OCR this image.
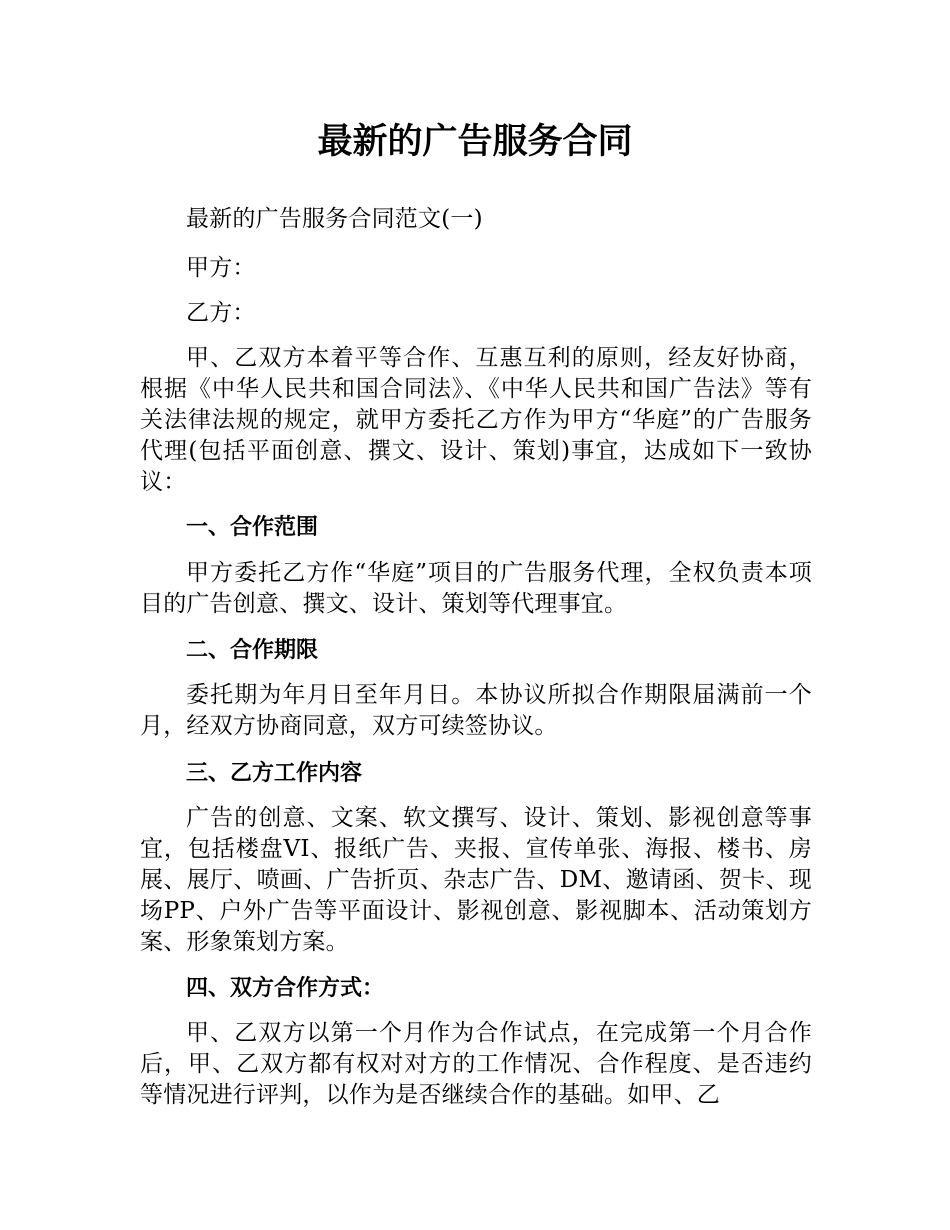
最新的广告服务合同

最新的广告服务合同范文(一)

甲方：

乙方：

甲、乙双方本着平等合作、互惠互利的原则，经友好协商，根据《中华人民共和国合同法》、《中华人民共和国广告法》等有关法律法规的规定，就甲方委托乙方作为甲方“华庭”的广告服务代理(包括平面创意、撰文、设计、策划)事宜，达成如下一致协议：

一、合作范围

甲方委托乙方作“华庭”项目的广告服务代理，全权负责本项目的广告创意、撰文、设计、策划等代理事宜。

二、合作期限

委托期为年月日至年月日。本协议所拟合作期限届满前一个月，经双方协商同意，双方可续签协议。

三、乙方工作内容

广告的创意、文案、软文撰写、设计、策划、影视创意等事宜，包括楼盘VI、报纸广告、夹报、宣传单张、海报、楼书、房展、展厅、喷画、广告折页、杂志广告、DM、邀请函、贺卡、现场PP、户外广告等平面设计、影视创意、影视脚本、活动策划方案、形象策划方案。

四、双方合作方式：

甲、乙双方以第一个月作为合作试点，在完成第一个月合作后，甲、乙双方都有权对对方的工作情况、合作程度、是否违约等情况进行评判，以作为是否继续合作的基础。如甲、乙
